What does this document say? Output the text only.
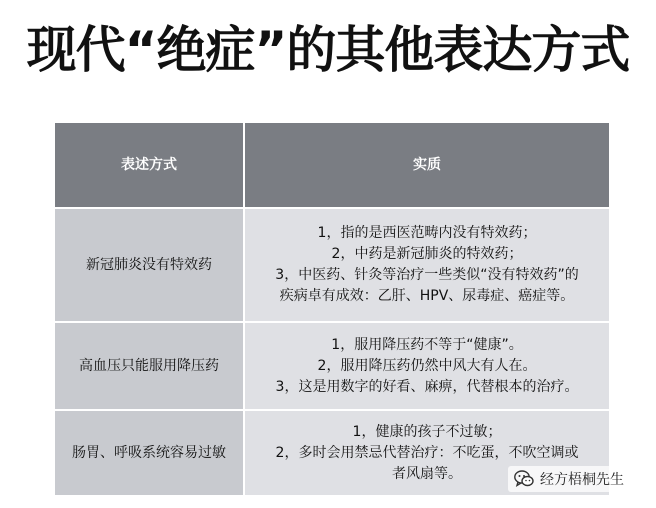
现代“绝症”的其他表达方式
表述方式	实质
新冠肺炎没有特效药	1，指的是西医范畴内没有特效药；
2，中药是新冠肺炎的特效药；
3，中医药、针灸等治疗一些类似“没有特效药”的
疾病卓有成效：乙肝、HPV、尿毒症、癌症等。

高血压只能服用降压药	1，服用降压药不等于“健康”。
2，服用降压药仍然中风大有人在。
3，这是用数字的好看、麻痹，代替根本的治疗。

肠胃、呼吸系统容易过敏	1，健康的孩子不过敏；
2，多时会用禁忌代替治疗：不吃蛋，不吹空调或
者风扇等。	经方梧桐先生
